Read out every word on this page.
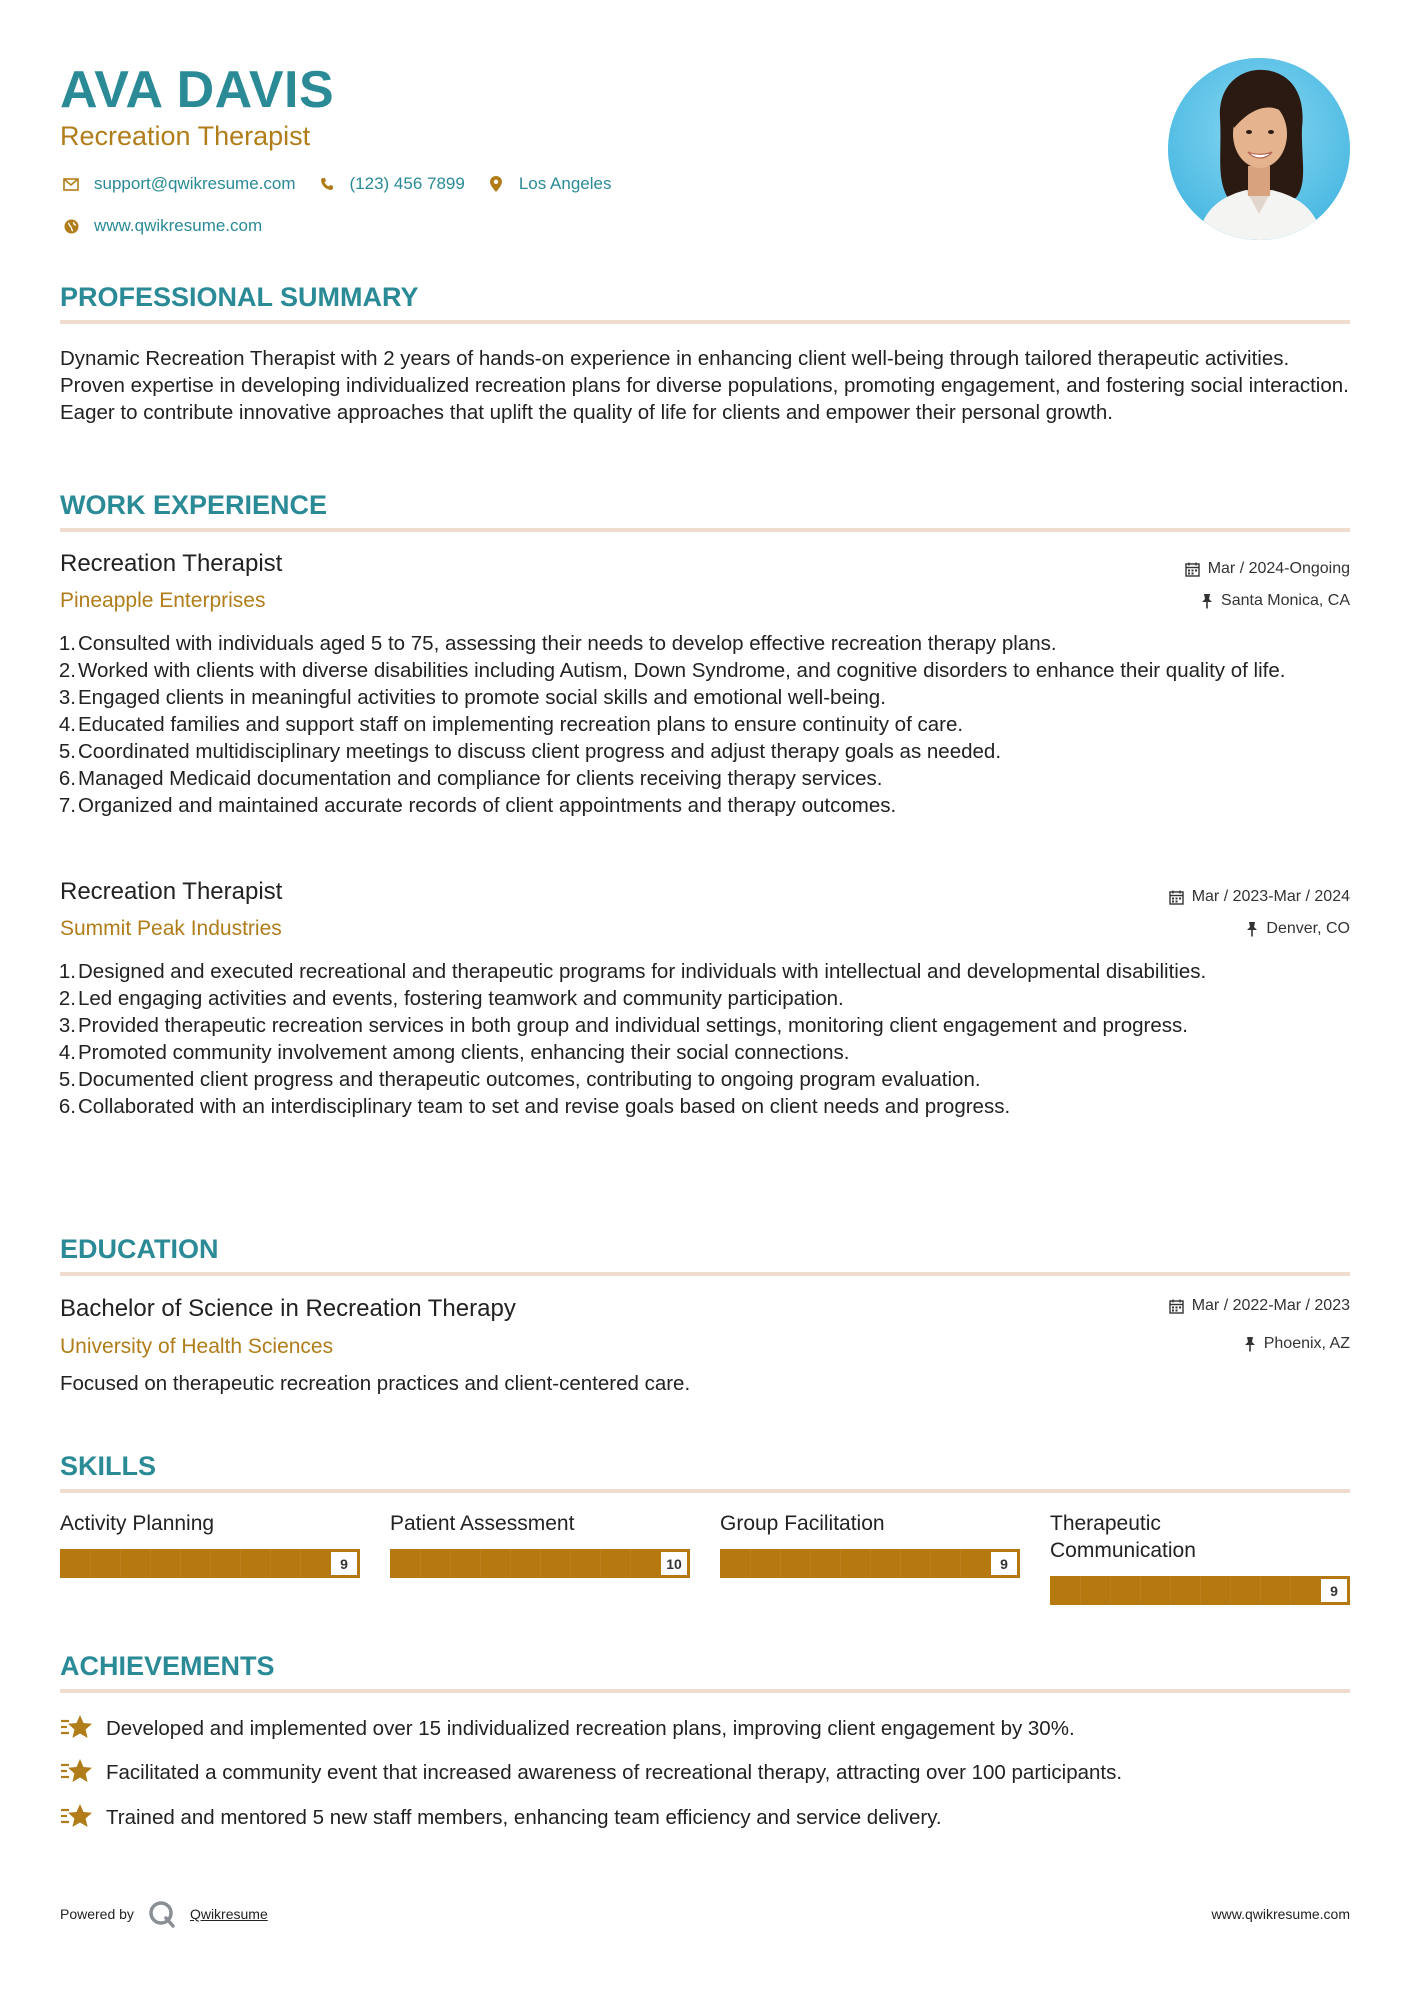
AVA DAVIS
Recreation Therapist
support@qwikresume.com	(123) 456 7899	Los Angeles
www.qwikresume.com
PROFESSIONAL SUMMARY
Dynamic Recreation Therapist with 2 years of hands-on experience in enhancing client well-being through tailored therapeutic activities. Proven expertise in developing individualized recreation plans for diverse populations, promoting engagement, and fostering social interaction. Eager to contribute innovative approaches that uplift the quality of life for clients and empower their personal growth.
WORK EXPERIENCE
Recreation Therapist
Pineapple Enterprises
Mar / 2024-Ongoing
Santa Monica, CA
1. Consulted with individuals aged 5 to 75, assessing their needs to develop effective recreation therapy plans.
2. Worked with clients with diverse disabilities including Autism, Down Syndrome, and cognitive disorders to enhance their quality of life.
3. Engaged clients in meaningful activities to promote social skills and emotional well-being.
4. Educated families and support staff on implementing recreation plans to ensure continuity of care.
5. Coordinated multidisciplinary meetings to discuss client progress and adjust therapy goals as needed.
6. Managed Medicaid documentation and compliance for clients receiving therapy services.
7. Organized and maintained accurate records of client appointments and therapy outcomes.
Recreation Therapist
Summit Peak Industries
Mar / 2023-Mar / 2024
Denver, CO
1. Designed and executed recreational and therapeutic programs for individuals with intellectual and developmental disabilities.
2. Led engaging activities and events, fostering teamwork and community participation.
3. Provided therapeutic recreation services in both group and individual settings, monitoring client engagement and progress.
4. Promoted community involvement among clients, enhancing their social connections.
5. Documented client progress and therapeutic outcomes, contributing to ongoing program evaluation.
6. Collaborated with an interdisciplinary team to set and revise goals based on client needs and progress.
EDUCATION
Bachelor of Science in Recreation Therapy
University of Health Sciences
Mar / 2022-Mar / 2023
Phoenix, AZ
Focused on therapeutic recreation practices and client-centered care.
SKILLS
Activity Planning
9
Patient Assessment
10
Group Facilitation
9
Therapeutic Communication
9
ACHIEVEMENTS
Developed and implemented over 15 individualized recreation plans, improving client engagement by 30%.
Facilitated a community event that increased awareness of recreational therapy, attracting over 100 participants.
Trained and mentored 5 new staff members, enhancing team efficiency and service delivery.
Powered by	Qwikresume	www.qwikresume.com
